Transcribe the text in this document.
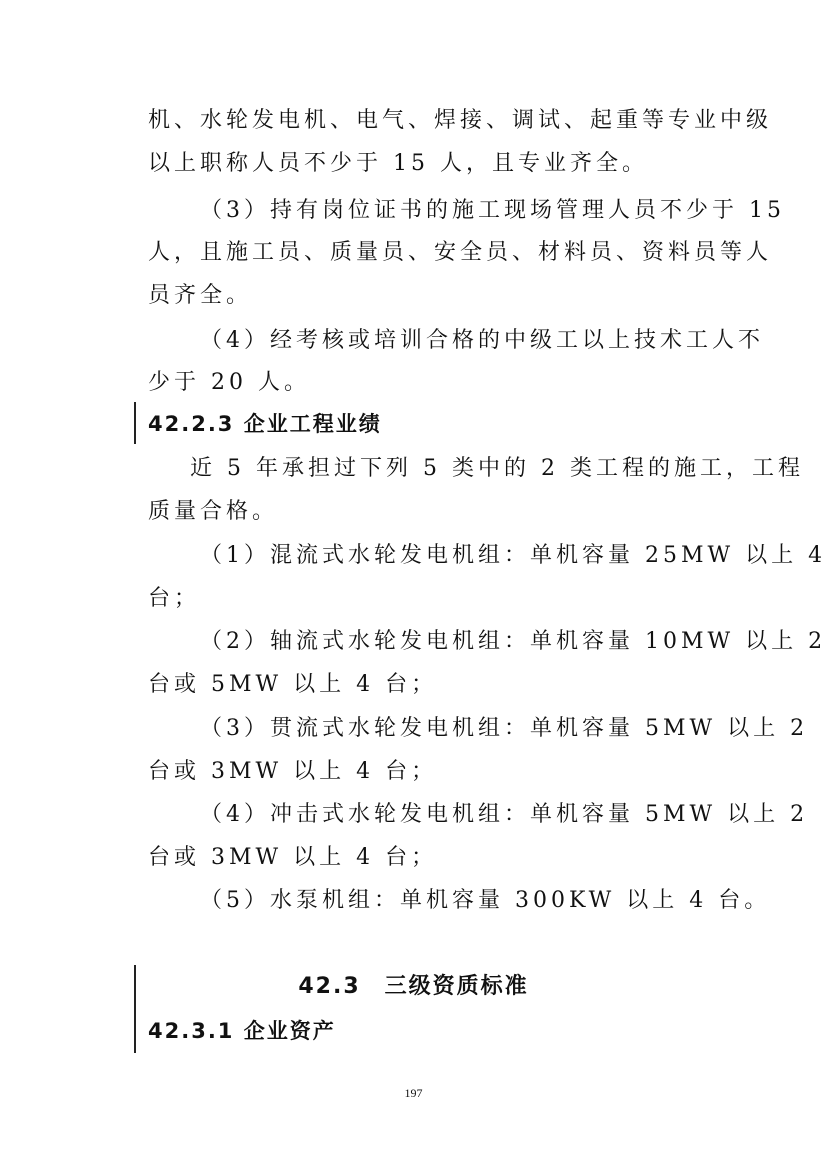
机、水轮发电机、电气、焊接、调试、起重等专业中级
以上职称人员不少于 15 人，且专业齐全。
（3）持有岗位证书的施工现场管理人员不少于 15
人，且施工员、质量员、安全员、材料员、资料员等人
员齐全。
（4）经考核或培训合格的中级工以上技术工人不
少于 20 人。
42.2.3 企业工程业绩
近 5 年承担过下列 5 类中的 2 类工程的施工，工程
质量合格。
（1）混流式水轮发电机组：单机容量 25MW 以上 4
台；
（2）轴流式水轮发电机组：单机容量 10MW 以上 2
台或 5MW 以上 4 台；
（3）贯流式水轮发电机组：单机容量 5MW 以上 2
台或 3MW 以上 4 台；
（4）冲击式水轮发电机组：单机容量 5MW 以上 2
台或 3MW 以上 4 台；
（5）水泵机组：单机容量 300KW 以上 4 台。
42.3　三级资质标准
42.3.1 企业资产
197
